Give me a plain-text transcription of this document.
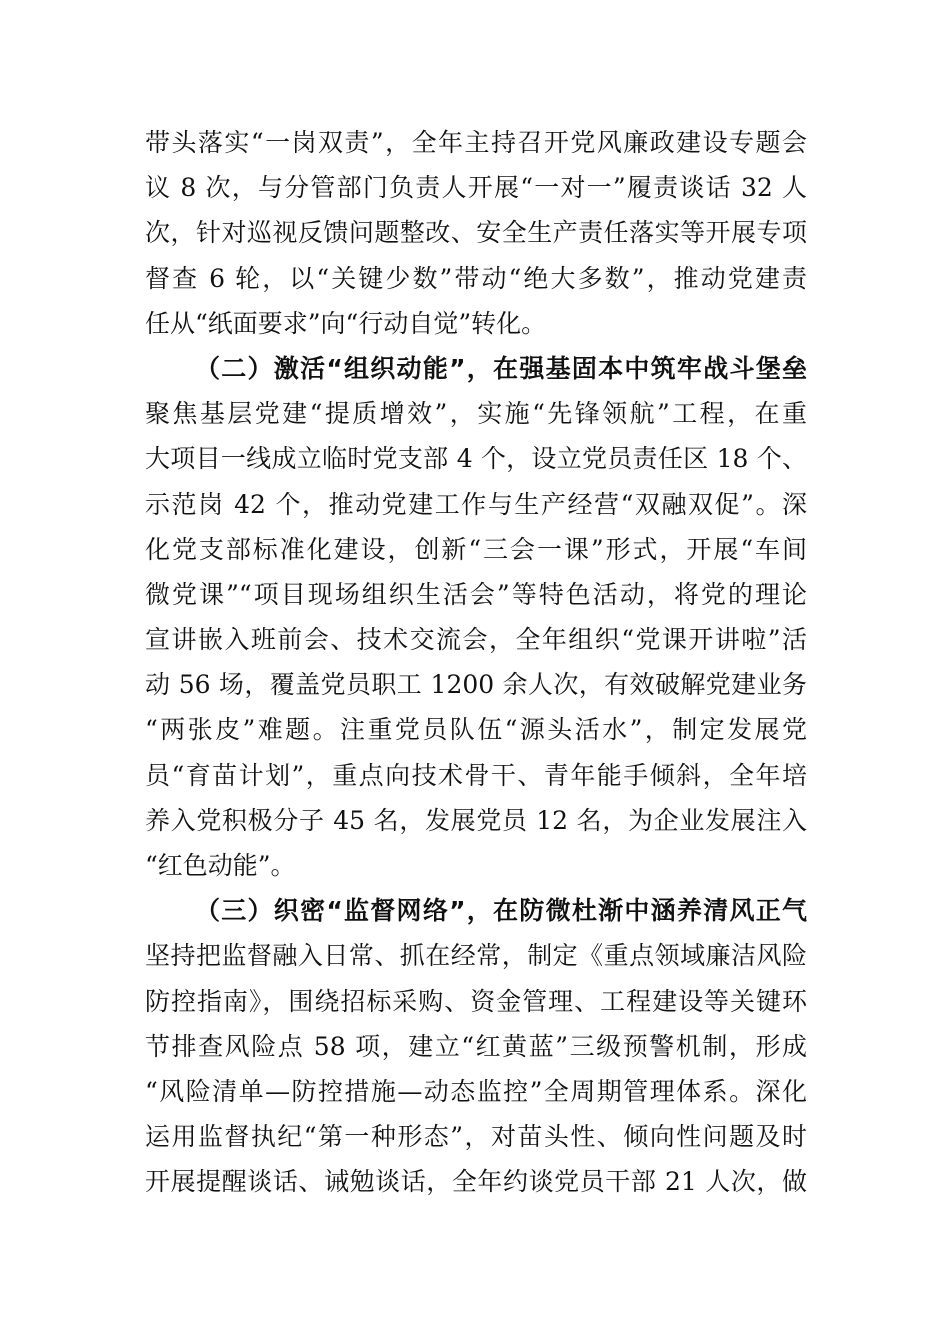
带头落实“一岗双责”，全年主持召开党风廉政建设专题会
议 8 次，与分管部门负责人开展“一对一”履责谈话 32 人
次，针对巡视反馈问题整改、安全生产责任落实等开展专项
督查 6 轮，以“关键少数”带动“绝大多数”，推动党建责
任从“纸面要求”向“行动自觉”转化。
（二）激活“组织动能”，在强基固本中筑牢战斗堡垒
聚焦基层党建“提质增效”，实施“先锋领航”工程，在重
大项目一线成立临时党支部 4 个，设立党员责任区 18 个、
示范岗 42 个，推动党建工作与生产经营“双融双促”。深
化党支部标准化建设，创新“三会一课”形式，开展“车间
微党课”“项目现场组织生活会”等特色活动，将党的理论
宣讲嵌入班前会、技术交流会，全年组织“党课开讲啦”活
动 56 场，覆盖党员职工 1200 余人次，有效破解党建业务
“两张皮”难题。注重党员队伍“源头活水”，制定发展党
员“育苗计划”，重点向技术骨干、青年能手倾斜，全年培
养入党积极分子 45 名，发展党员 12 名，为企业发展注入
“红色动能”。
（三）织密“监督网络”，在防微杜渐中涵养清风正气
坚持把监督融入日常、抓在经常，制定《重点领域廉洁风险
防控指南》，围绕招标采购、资金管理、工程建设等关键环
节排查风险点 58 项，建立“红黄蓝”三级预警机制，形成
“风险清单—防控措施—动态监控”全周期管理体系。深化
运用监督执纪“第一种形态”，对苗头性、倾向性问题及时
开展提醒谈话、诫勉谈话，全年约谈党员干部 21 人次，做
